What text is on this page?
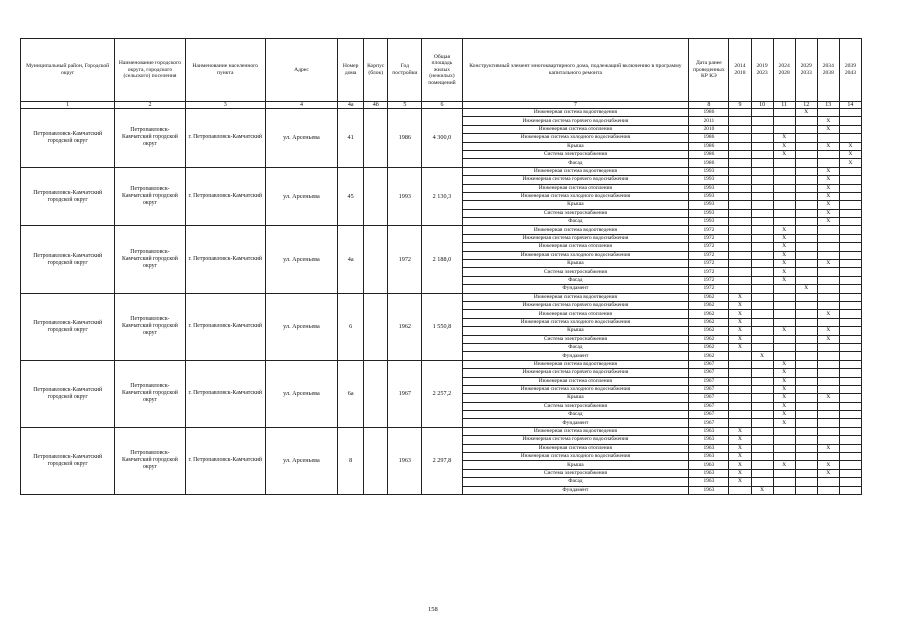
Муниципальный район, Городской округ	Наименование городского округа, городского (сельского) поселения	Наименование населенного пункта	Адрес	Номер дома	Корпус (блок)	Год постройки	Общая площадь жилых (нежилых) помещений	Конструктивный элемент многоквартирного дома, подлежащий включению в программу капитального ремонта	Дата ранее проведенных КР КЭ	2014 2018	2019 2023	2024 2028	2029 2033	2034 2038	2039 2043
1	2	3	4	4а	4б	5	6	7	8	9	10	11	12	13	14
Петропавловск-Камчатский городской округ	Петропавловск-Камчатский городской округ	г. Петропавловск-Камчатский	ул. Арсеньева	41		1986	4 300,0	Инженерная система водоотведения	1986				X		
								Инженерная система горячего водоснабжения	2011					X	
								Инженерная система отопления	2010					X	
								Инженерная система холодного водоснабжения	1986			X			
								Крыша	1986			X		X	X
								Система электроснабжения	1986			X			X
								Фасад	1986						X
Петропавловск-Камчатский городской округ	Петропавловск-Камчатский городской округ	г. Петропавловск-Камчатский	ул. Арсеньева	45		1993	2 130,3	Инженерная система водоотведения	1993					X	
								Инженерная система горячего водоснабжения	1993					X	
								Инженерная система отопления	1993					X	
								Инженерная система холодного водоснабжения	1993					X	
								Крыша	1993					X	
								Система электроснабжения	1993					X	
								Фасад	1993					X	
Петропавловск-Камчатский городской округ	Петропавловск-Камчатский городской округ	г. Петропавловск-Камчатский	ул. Арсеньева	4а		1972	2 188,0	Инженерная система водоотведения	1972			X			
								Инженерная система горячего водоснабжения	1972			X			
								Инженерная система отопления	1972			X			
								Инженерная система холодного водоснабжения	1972			X			
								Крыша	1972			X		X	
								Система электроснабжения	1972			X			
								Фасад	1972			X			
								Фундамент	1972				X		
Петропавловск-Камчатский городской округ	Петропавловск-Камчатский городской округ	г. Петропавловск-Камчатский	ул. Арсеньева	6		1962	1 550,8	Инженерная система водоотведения	1962	X					
								Инженерная система горячего водоснабжения	1962	X					
								Инженерная система отопления	1962	X				X	
								Инженерная система холодного водоснабжения	1962	X					
								Крыша	1962	X		X		X	
								Система электроснабжения	1962	X				X	
								Фасад	1962	X					
								Фундамент	1962		X				
Петропавловск-Камчатский городской округ	Петропавловск-Камчатский городской округ	г. Петропавловск-Камчатский	ул. Арсеньева	6а		1967	2 257,2	Инженерная система водоотведения	1967			X			
								Инженерная система горячего водоснабжения	1967			X			
								Инженерная система отопления	1967			X			
								Инженерная система холодного водоснабжения	1967			X			
								Крыша	1967			X		X	
								Система электроснабжения	1967			X			
								Фасад	1967			X			
								Фундамент	1967			X			
Петропавловск-Камчатский городской округ	Петропавловск-Камчатский городской округ	г. Петропавловск-Камчатский	ул. Арсеньева	8		1963	2 297,8	Инженерная система водоотведения	1963	X					
								Инженерная система горячего водоснабжения	1963	X					
								Инженерная система отопления	1963	X				X	
								Инженерная система холодного водоснабжения	1963	X					
								Крыша	1963	X		X		X	
								Система электроснабжения	1963	X				X	
								Фасад	1963	X					
								Фундамент	1963		X				
158
